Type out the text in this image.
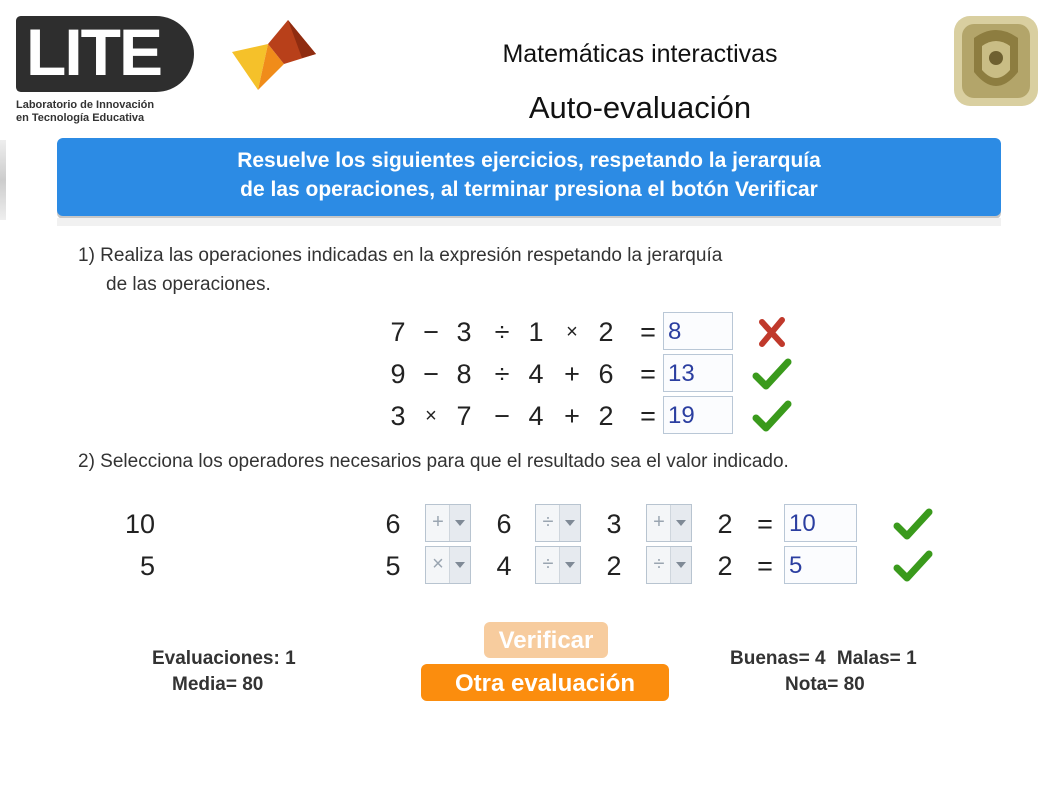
LITE
Laboratorio de Innovación
en Tecnología Educativa
Matemáticas interactivas
Auto-evaluación
Resuelve los siguientes ejercicios, respetando la jerarquía
de las operaciones, al terminar presiona el botón Verificar
1) Realiza las operaciones indicadas en la expresión respetando la jerarquía
de las operaciones.
7 − 3 ÷ 1	× 2 = 8
9 − 8 ÷ 4 + 6 = 13
3 × 7 − 4 + 2 = 19
2) Selecciona los operadores necesarios para que el resultado sea el valor indicado.
10	6	+ 6	÷ 3	+ 2 = 10
5	5	× 4	÷ 2	÷ 2 = 5
Evaluaciones: 1
Media= 80
Verificar
Otra evaluación
Buenas= 4 Malas= 1
Nota= 80
